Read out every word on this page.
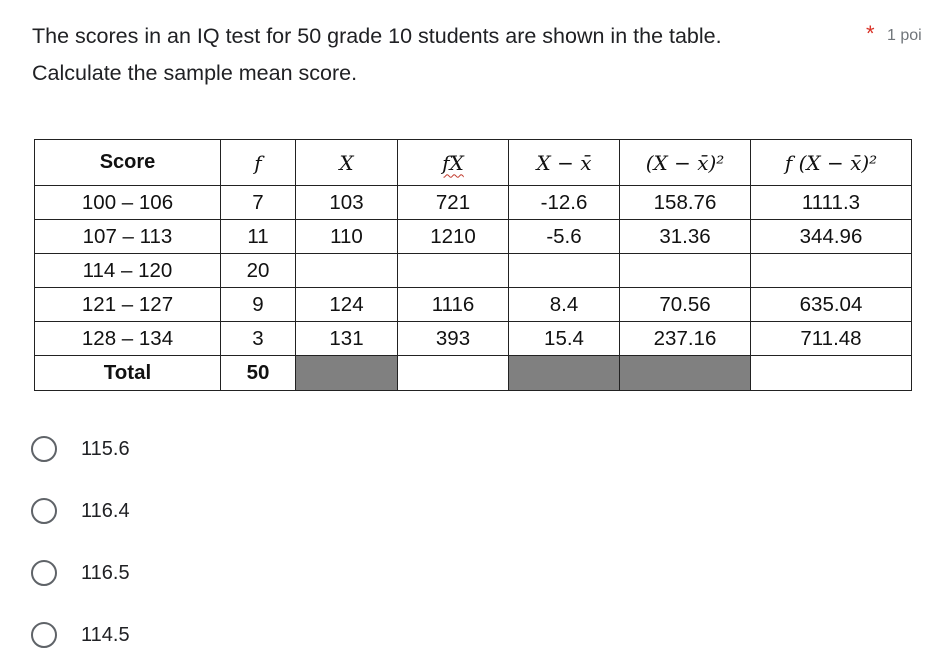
The scores in an IQ test for 50 grade 10 students are shown in the table.
Calculate the sample mean score.
* 1 poi
Score	f	X	fX	X − x̄	(X − x̄)²	f (X − x̄)²
100 – 106	7	103	721	-12.6	158.76	1111.3
107 – 113	11	110	1210	-5.6	31.36	344.96
114 – 120	20					
121 – 127	9	124	1116	8.4	70.56	635.04
128 – 134	3	131	393	15.4	237.16	711.48
Total	50					
115.6
116.4
116.5
114.5
